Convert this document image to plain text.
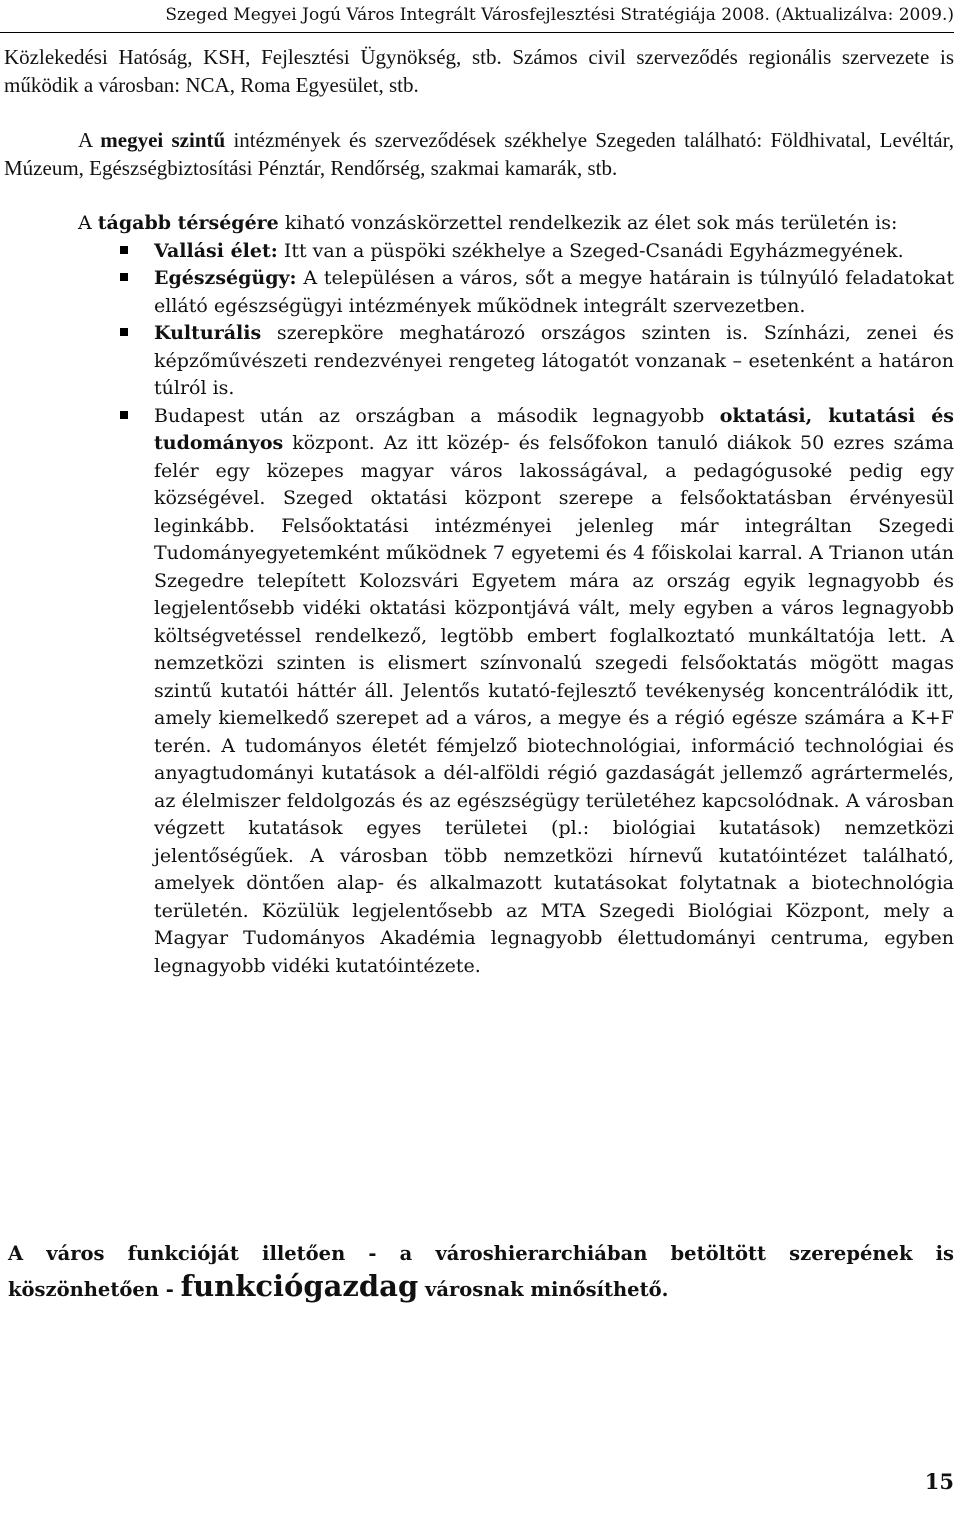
Szeged Megyei Jogú Város Integrált Városfejlesztési Stratégiája 2008. (Aktualizálva: 2009.)

Közlekedési Hatóság, KSH, Fejlesztési Ügynökség, stb. Számos civil szerveződés regionális szervezete is működik a városban: NCA, Roma Egyesület, stb.

A megyei szintű intézmények és szerveződések székhelye Szegeden található: Földhivatal, Levéltár, Múzeum, Egészségbiztosítási Pénztár, Rendőrség, szakmai kamarák, stb.

A tágabb térségére kiható vonzáskörzettel rendelkezik az élet sok más területén is:

Vallási élet: Itt van a püspöki székhelye a Szeged-Csanádi Egyházmegyének.
Egészségügy: A településen a város, sőt a megye határain is túlnyúló feladatokat ellátó egészségügyi intézmények működnek integrált szervezetben.
Kulturális szerepköre meghatározó országos szinten is. Színházi, zenei és képzőművészeti rendezvényei rengeteg látogatót vonzanak – esetenként a határon túlról is.
Budapest után az országban a második legnagyobb oktatási, kutatási és tudományos központ. Az itt közép- és felsőfokon tanuló diákok 50 ezres száma felér egy közepes magyar város lakosságával, a pedagógusoké pedig egy községével. Szeged oktatási központ szerepe a felsőoktatásban érvényesül leginkább. Felsőoktatási intézményei jelenleg már integráltan Szegedi Tudományegyetemként működnek 7 egyetemi és 4 főiskolai karral. A Trianon után Szegedre telepített Kolozsvári Egyetem mára az ország egyik legnagyobb és legjelentősebb vidéki oktatási központjává vált, mely egyben a város legnagyobb költségvetéssel rendelkező, legtöbb embert foglalkoztató munkáltatója lett. A nemzetközi szinten is elismert színvonalú szegedi felsőoktatás mögött magas szintű kutatói háttér áll. Jelentős kutató-fejlesztő tevékenység koncentrálódik itt, amely kiemelkedő szerepet ad a város, a megye és a régió egésze számára a K+F terén. A tudományos életét fémjelző biotechnológiai, információ technológiai és anyagtudományi kutatások a dél-alföldi régió gazdaságát jellemző agrártermelés, az élelmiszer feldolgozás és az egészségügy területéhez kapcsolódnak. A városban végzett kutatások egyes területei (pl.: biológiai kutatások) nemzetközi jelentőségűek. A városban több nemzetközi hírnevű kutatóintézet található, amelyek döntően alap- és alkalmazott kutatásokat folytatnak a biotechnológia területén. Közülük legjelentősebb az MTA Szegedi Biológiai Központ, mely a Magyar Tudományos Akadémia legnagyobb élettudományi centruma, egyben legnagyobb vidéki kutatóintézete.
A város funkcióját illetően - a városhierarchiában betöltött szerepének is köszönhetően - funkciógazdag városnak minősíthető.
15
